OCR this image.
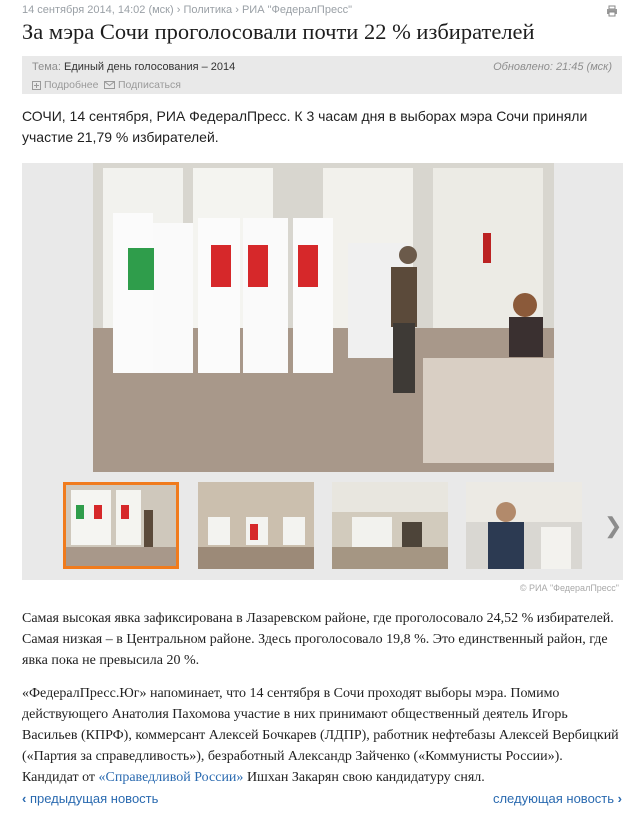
14 сентября 2014, 14:02 (мск) › Политика › РИА "ФедералПресс"
За мэра Сочи проголосовали почти 22 % избирателей
Тема: Единый день голосования – 2014	Обновлено: 21:45 (мск)
Подробнее Подписаться
СОЧИ, 14 сентября, РИА ФедералПресс. К 3 часам дня в выборах мэра Сочи приняли участие 21,79 % избирателей.
❯
© РИА "ФедералПресс"
Самая высокая явка зафиксирована в Лазаревском районе, где проголосовало 24,52 % избирателей. Самая низкая – в Центральном районе. Здесь проголосовало 19,8 %. Это единственный район, где явка пока не превысила 20 %.
«ФедералПресс.Юг» напоминает, что 14 сентября в Сочи проходят выборы мэра. Помимо действующего Анатолия Пахомова участие в них принимают общественный деятель Игорь Васильев (КПРФ), коммерсант Алексей Бочкарев (ЛДПР), работник нефтебазы Алексей Вербицкий («Партия за справедливость»), безработный Александр Зайченко («Коммунисты России»). Кандидат от «Справедливой России» Ишхан Закарян свою кандидатуру снял.
‹ предыдущая новость	следующая новость ›
